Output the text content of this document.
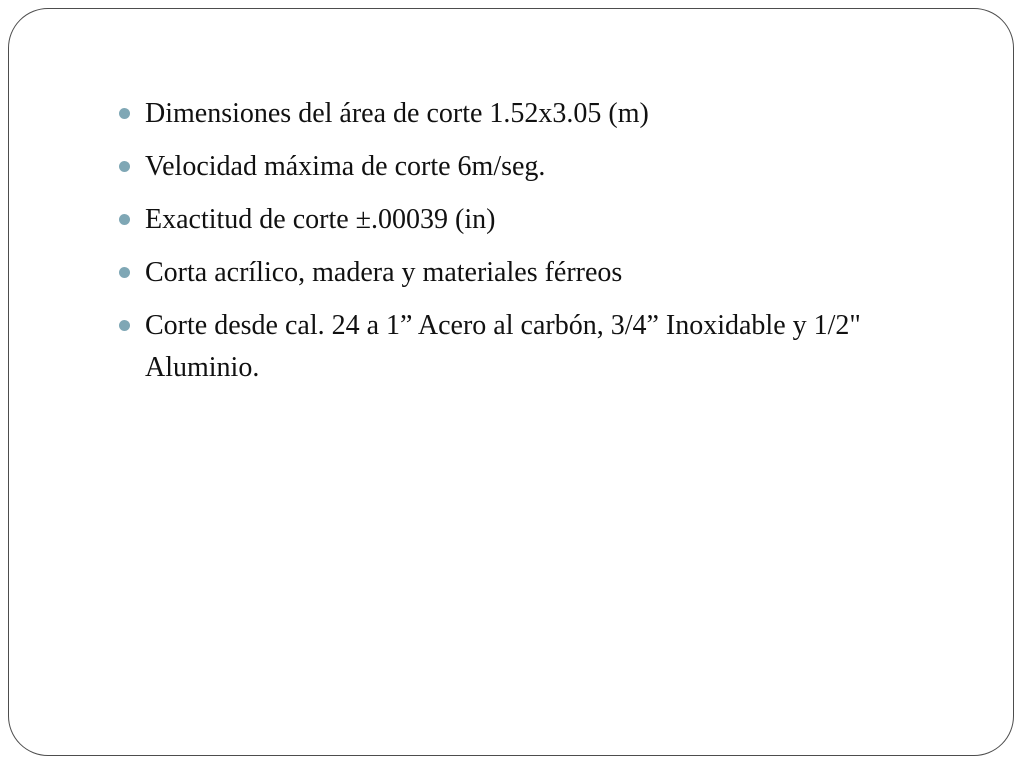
Dimensiones del área de corte 1.52x3.05 (m)
Velocidad máxima de corte 6m/seg.
Exactitud de corte ±.00039 (in)
Corta acrílico, madera y materiales férreos
Corte desde cal. 24 a 1” Acero al carbón, 3/4” Inoxidable y 1/2" Aluminio.
